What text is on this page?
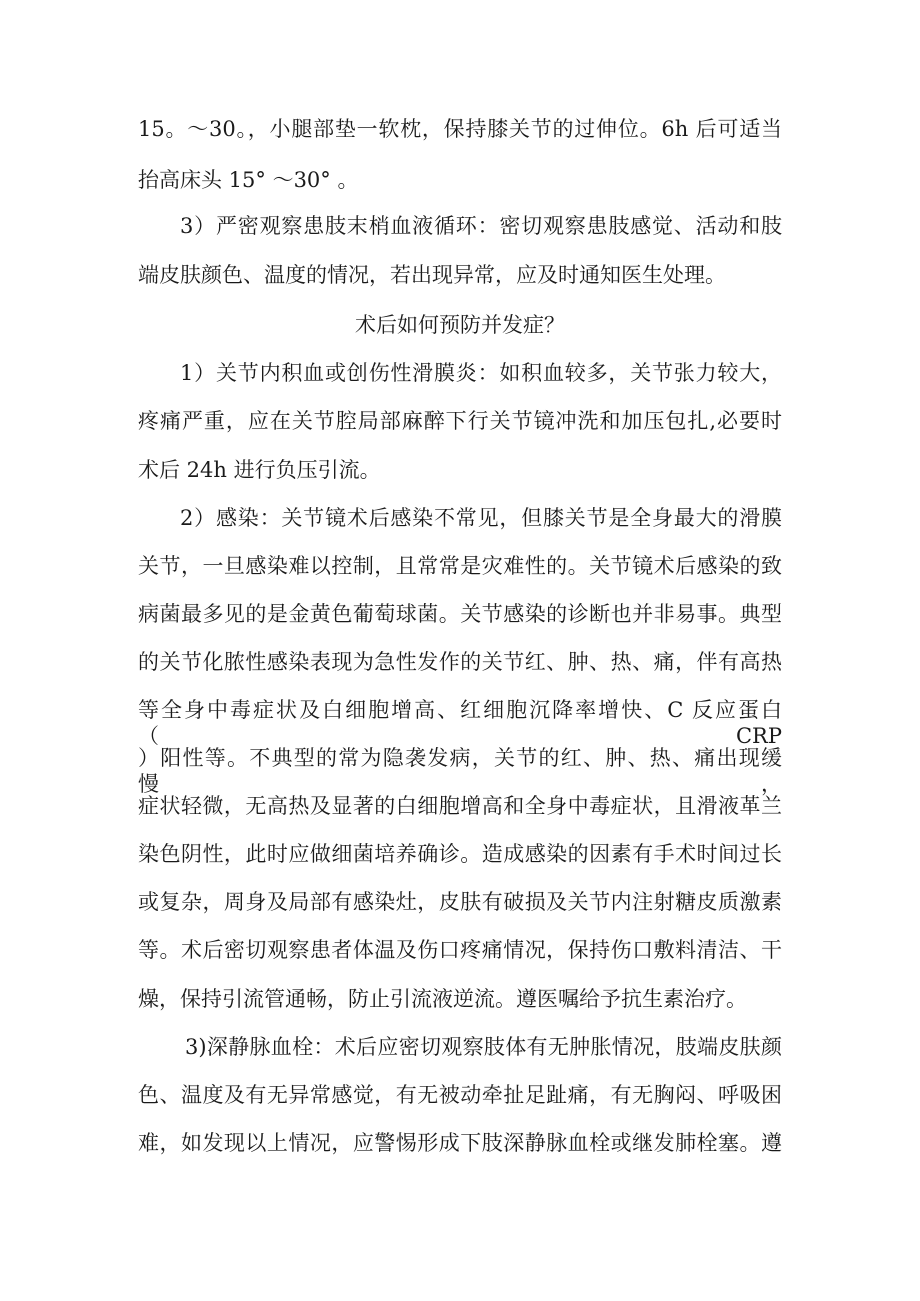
15。～30。，小腿部垫一软枕，保持膝关节的过伸位。6h 后可适当
抬高床头 15° ～30° 。
3）严密观察患肢末梢血液循环：密切观察患肢感觉、活动和肢
端皮肤颜色、温度的情况，若出现异常，应及时通知医生处理。
术后如何预防并发症？
1）关节内积血或创伤性滑膜炎：如积血较多，关节张力较大，
疼痛严重，应在关节腔局部麻醉下行关节镜冲洗和加压包扎,必要时
术后 24h 进行负压引流。
2）感染：关节镜术后感染不常见，但膝关节是全身最大的滑膜
关节，一旦感染难以控制，且常常是灾难性的。关节镜术后感染的致
病菌最多见的是金黄色葡萄球菌。关节感染的诊断也并非易事。典型
的关节化脓性感染表现为急性发作的关节红、肿、热、痛，伴有高热
等全身中毒症状及白细胞增高、红细胞沉降率增快、C 反应蛋白（CRP
）阳性等。不典型的常为隐袭发病，关节的红、肿、热、痛出现缓慢，
症状轻微，无高热及显著的白细胞增高和全身中毒症状，且滑液革兰
染色阴性，此时应做细菌培养确诊。造成感染的因素有手术时间过长
或复杂，周身及局部有感染灶，皮肤有破损及关节内注射糖皮质激素
等。术后密切观察患者体温及伤口疼痛情况，保持伤口敷料清洁、干
燥，保持引流管通畅，防止引流液逆流。遵医嘱给予抗生素治疗。
3)深静脉血栓：术后应密切观察肢体有无肿胀情况，肢端皮肤颜
色、温度及有无异常感觉，有无被动牵扯足趾痛，有无胸闷、呼吸困
难，如发现以上情况，应警惕形成下肢深静脉血栓或继发肺栓塞。遵
